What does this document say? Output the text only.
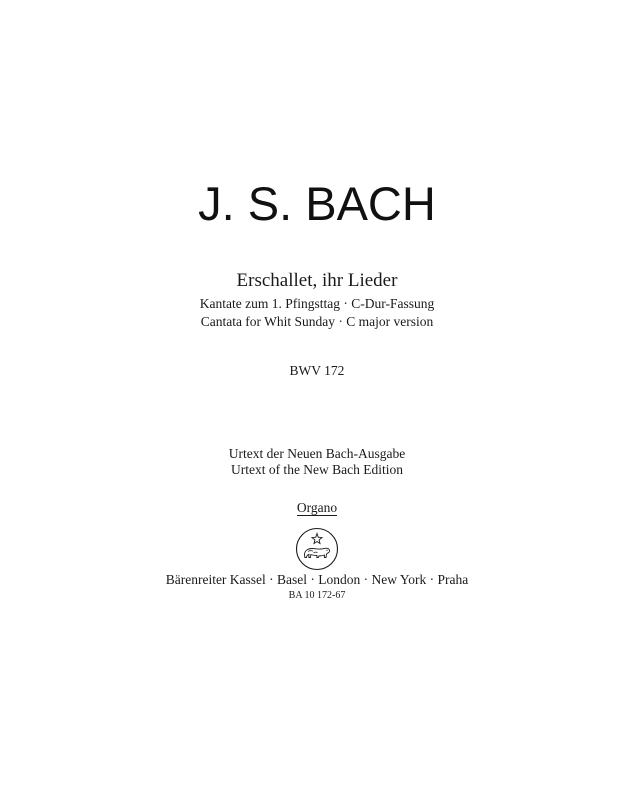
J. S. BACH
Erschallet, ihr Lieder
Kantate zum 1. Pfingsttag · C-Dur-Fassung
Cantata for Whit Sunday · C major version
BWV 172
Urtext der Neuen Bach-Ausgabe
Urtext of the New Bach Edition
Organo
Bärenreiter Kassel · Basel · London · New York · Praha
BA 10 172-67
